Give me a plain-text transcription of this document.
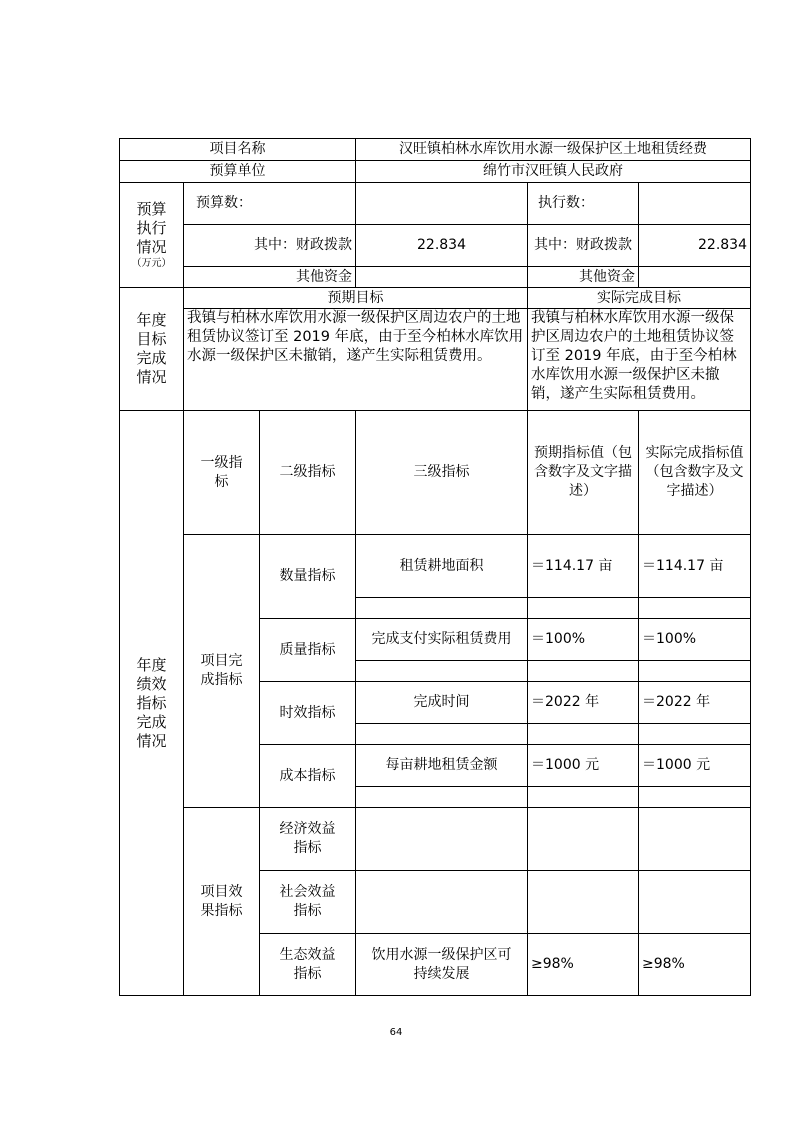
项目名称			汉旺镇柏林水库饮用水源一级保护区土地租赁经费		
预算单位			绵竹市汉旺镇人民政府		

预算执行情况
（万元）	预算数：			执行数：	
	其中：财政拨款		22.834	其中：财政拨款	22.834
	其他资金			其他资金	

年度目标完成情况	预期目标			实际完成目标	
	我镇与柏林水库饮用水源一级保护区周边农户的土地租赁协议签订至 2019 年底，由于至今柏林水库饮用水源一级保护区未撤销，遂产生实际租赁费用。			我镇与柏林水库饮用水源一级保护区周边农户的土地租赁协议签订至 2019 年底，由于至今柏林水库饮用水源一级保护区未撤销，遂产生实际租赁费用。	

年度绩效指标完成情况	一级指标	二级指标	三级指标	预期指标值（包含数字及文字描述）	实际完成指标值（包含数字及文字描述）

	项目完成指标	数量指标	租赁耕地面积	＝114.17 亩	＝114.17 亩

		质量指标	完成支付实际租赁费用	＝100%	＝100%

		时效指标	完成时间	＝2022 年	＝2022 年

		成本指标	每亩耕地租赁金额	＝1000 元	＝1000 元

	项目效果指标	经济效益指标			

		社会效益指标			

		生态效益指标	饮用水源一级保护区可持续发展	≥98%	≥98%
64
